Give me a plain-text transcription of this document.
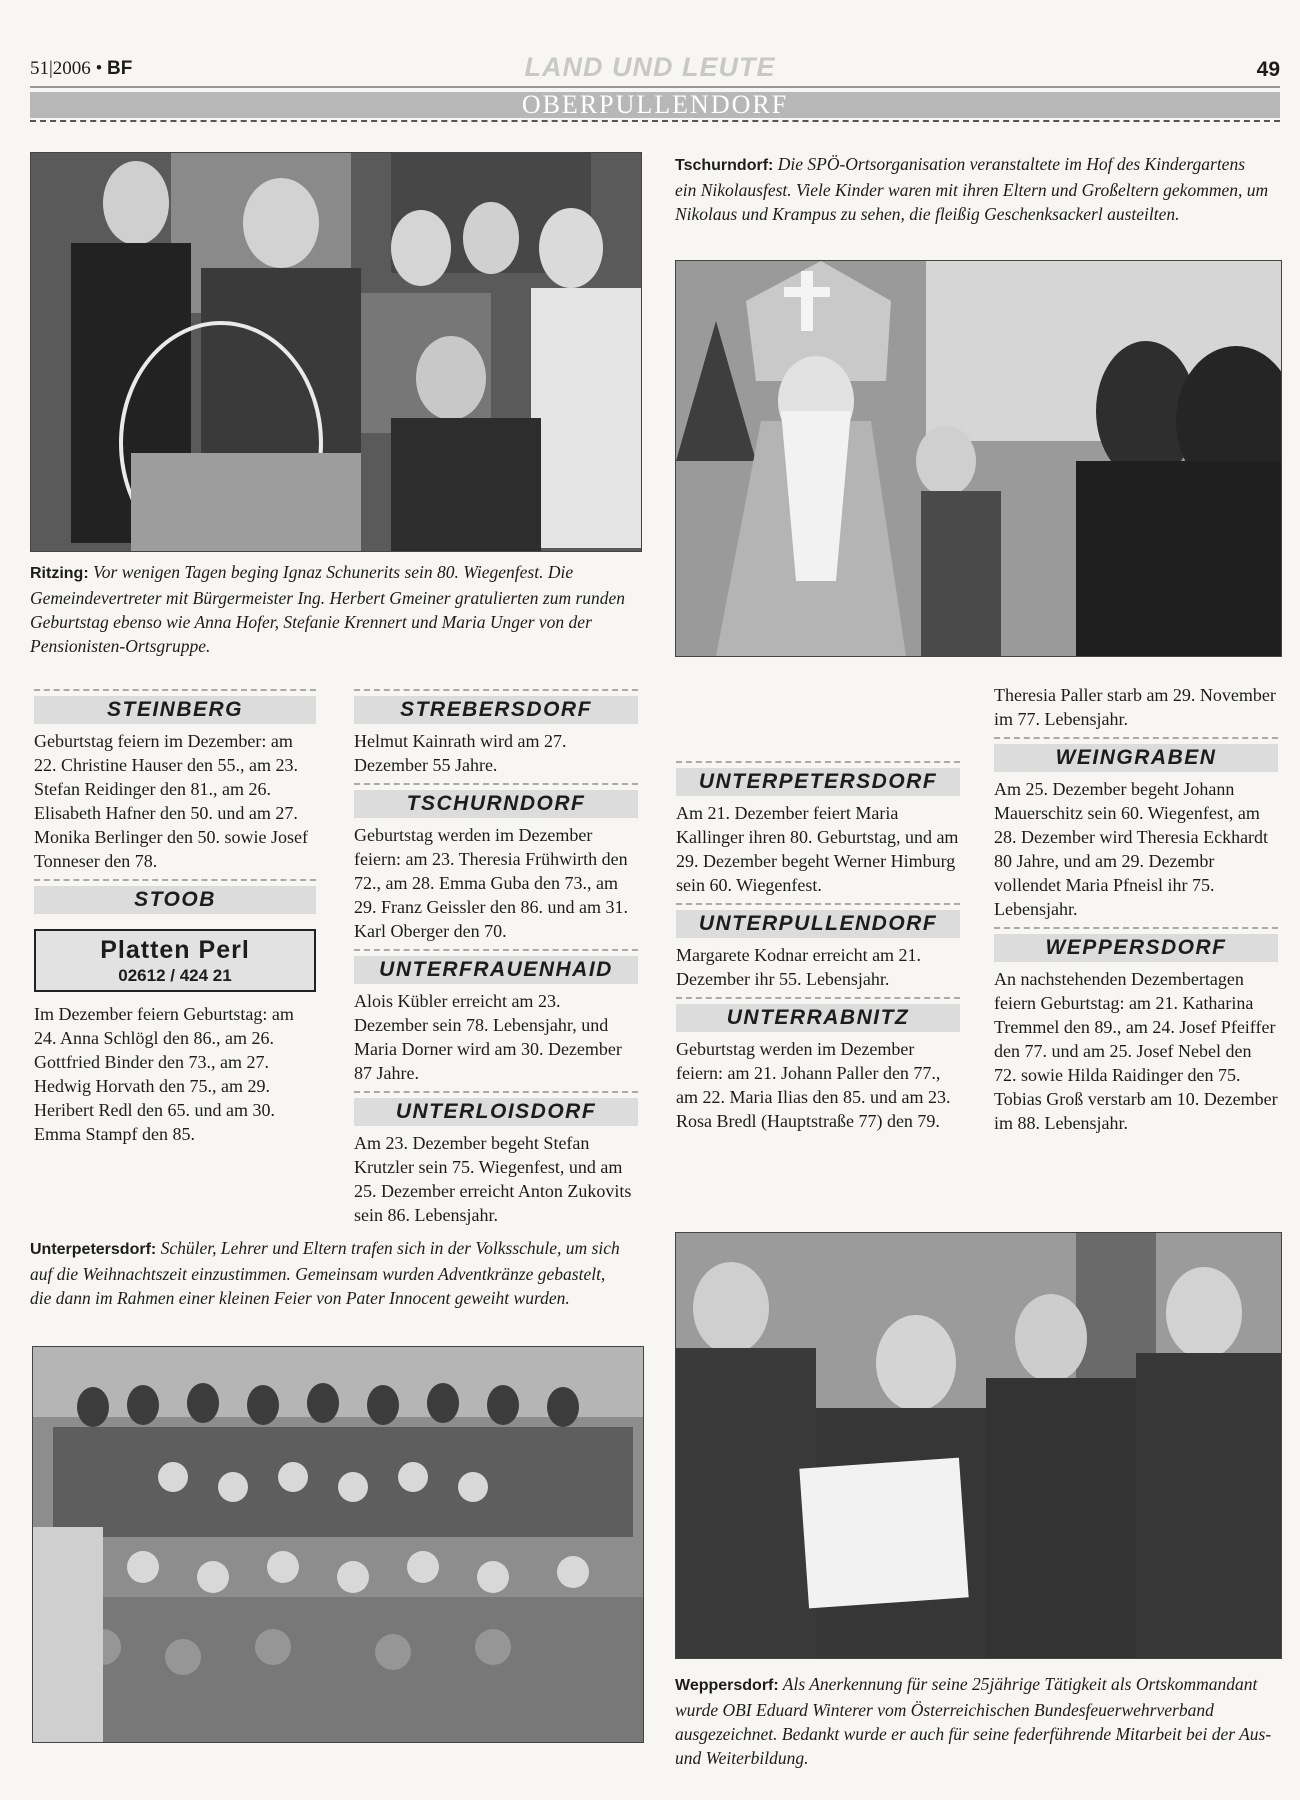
51|2006 • BF	LAND UND LEUTE	49
OBERPULLENDORF
Ritzing: Vor wenigen Tagen beging Ignaz Schunerits sein 80. Wiegenfest. Die Gemeindevertreter mit Bürgermeister Ing. Herbert Gmeiner gratulierten zum runden Geburtstag ebenso wie Anna Hofer, Stefanie Krennert und Maria Unger von der Pensionisten-Ortsgruppe.
Tschurndorf: Die SPÖ-Ortsorganisation veranstaltete im Hof des Kindergartens ein Nikolausfest. Viele Kinder waren mit ihren Eltern und Großeltern gekommen, um Nikolaus und Krampus zu sehen, die fleißig Geschenksackerl austeilten.
STEINBERG

Geburtstag feiern im Dezember: am 22. Christine Hauser den 55., am 23. Stefan Reidinger den 81., am 26. Elisabeth Hafner den 50. und am 27. Monika Berlinger den 50. sowie Josef Tonneser den 78.

STOOB
Platten Perl
02612 / 424 21

Im Dezember feiern Geburtstag: am 24. Anna Schlögl den 86., am 26. Gottfried Binder den 73., am 27. Hedwig Horvath den 75., am 29. Heribert Redl den 65. und am 30. Emma Stampf den 85.

STREBERSDORF

Helmut Kainrath wird am 27. Dezember 55 Jahre.

TSCHURNDORF

Geburtstag werden im Dezember feiern: am 23. Theresia Frühwirth den 72., am 28. Emma Guba den 73., am 29. Franz Geissler den 86. und am 31. Karl Oberger den 70.

UNTERFRAUENHAID

Alois Kübler erreicht am 23. Dezember sein 78. Lebensjahr, und Maria Dorner wird am 30. Dezember 87 Jahre.

UNTERLOISDORF

Am 23. Dezember begeht Stefan Krutzler sein 75. Wiegenfest, und am 25. Dezember erreicht Anton Zukovits sein 86. Lebensjahr.

UNTERPETERSDORF

Am 21. Dezember feiert Maria Kallinger ihren 80. Geburtstag, und am 29. Dezember begeht Werner Himburg sein 60. Wiegenfest.

UNTERPULLENDORF

Margarete Kodnar erreicht am 21. Dezember ihr 55. Lebensjahr.

UNTERRABNITZ

Geburtstag werden im Dezember feiern: am 21. Johann Paller den 77., am 22. Maria Ilias den 85. und am 23. Rosa Bredl (Hauptstraße 77) den 79.

Theresia Paller starb am 29. November im 77. Lebensjahr.

WEINGRABEN

Am 25. Dezember begeht Johann Mauerschitz sein 60. Wiegenfest, am 28. Dezember wird Theresia Eckhardt 80 Jahre, und am 29. Dezembr vollendet Maria Pfneisl ihr 75. Lebensjahr.

WEPPERSDORF

An nachstehenden Dezembertagen feiern Geburtstag: am 21. Katharina Tremmel den 89., am 24. Josef Pfeiffer den 77. und am 25. Josef Nebel den 72. sowie Hilda Raidinger den 75.

Tobias Groß verstarb am 10. Dezember im 88. Lebensjahr.

Unterpetersdorf: Schüler, Lehrer und Eltern trafen sich in der Volksschule, um sich auf die Weihnachtszeit einzustimmen. Gemeinsam wurden Adventkränze gebastelt, die dann im Rahmen einer kleinen Feier von Pater Innocent geweiht wurden.
Weppersdorf: Als Anerkennung für seine 25jährige Tätigkeit als Ortskommandant wurde OBI Eduard Winterer vom Österreichischen Bundesfeuerwehrverband ausgezeichnet. Bedankt wurde er auch für seine federführende Mitarbeit bei der Aus- und Weiterbildung.
